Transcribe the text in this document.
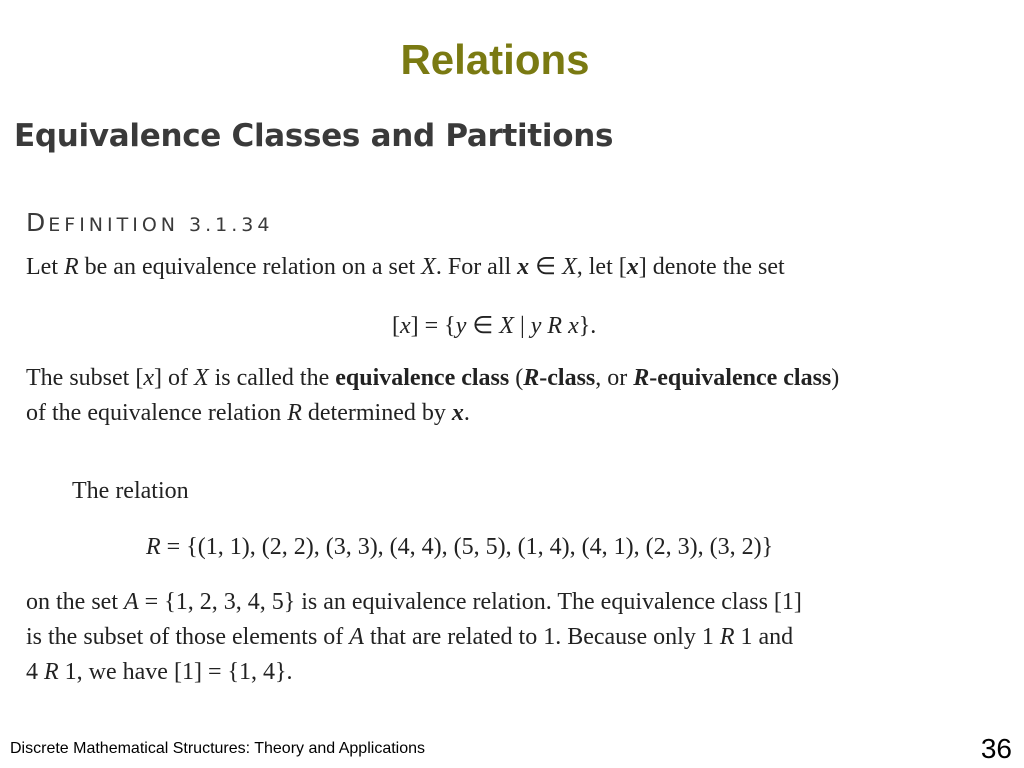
Relations
Equivalence Classes and Partitions
DEFINITION 3.1.34
Let R be an equivalence relation on a set X. For all x ∈ X, let [x] denote the set
[x] = {y ∈ X | y R x}.
The subset [x] of X is called the equivalence class (R-class, or R-equivalence class)
of the equivalence relation R determined by x.
The relation
R = {(1, 1), (2, 2), (3, 3), (4, 4), (5, 5), (1, 4), (4, 1), (2, 3), (3, 2)}
on the set A = {1, 2, 3, 4, 5} is an equivalence relation. The equivalence class [1]
is the subset of those elements of A that are related to 1. Because only 1 R 1 and
4 R 1, we have [1] = {1, 4}.
Discrete Mathematical Structures: Theory and Applications	36
